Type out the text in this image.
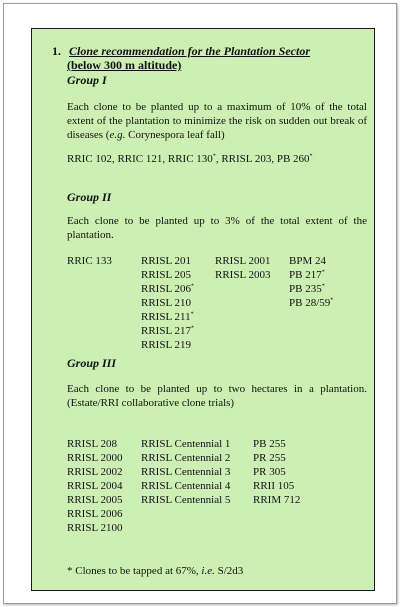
1. Clone recommendation for the Plantation Sector
(below 300 m altitude)
Group I
Each clone to be planted up to a maximum of 10% of the total extent of the plantation to minimize the risk on sudden out break of diseases (e.g. Corynespora leaf fall)
RRIC 102, RRIC 121, RRIC 130*, RRISL 203, PB 260*
Group II
Each clone to be planted up to 3% of the total extent of the plantation.
RRIC 133	RRISL 201
RRISL 205
RRISL 206*
RRISL 210
RRISL 211*
RRISL 217*
RRISL 219
RRISL 2001
RRISL 2003
BPM 24
PB 217*
PB 235*
PB 28/59*
Group III
Each clone to be planted up to two hectares in a plantation. (Estate/RRI collaborative clone trials)
RRISL 208
RRISL 2000
RRISL 2002
RRISL 2004
RRISL 2005
RRISL 2006
RRISL 2100
RRISL Centennial 1
RRISL Centennial 2
RRISL Centennial 3
RRISL Centennial 4
RRISL Centennial 5
PB 255
PR 255
PR 305
RRII 105
RRIM 712
* Clones to be tapped at 67%, i.e. S/2d3
